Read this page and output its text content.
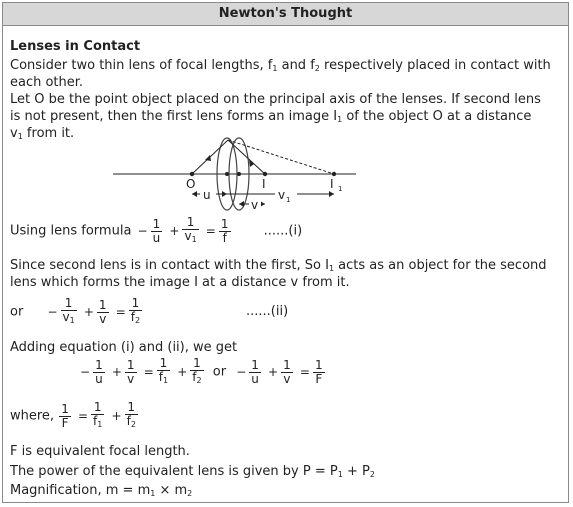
Newton's Thought
Lenses in Contact
Consider two thin lens of focal lengths, $f_1$ and $f_2$ respectively placed in contact with
each other.
Let O be the point object placed on the principal axis of the lenses. If second lens
is not present, then the first lens forms an image $I_1$ of the object O at a distance
$v_1$ from it.
O	I	I 1
u	v 1
v
Using lens formula − $\frac{1}{u} + \frac{1}{v_1} = \frac{1}{f}$	......(i)
Since second lens is in contact with the first, So $I_1$ acts as an object for the second
lens which forms the image I at a distance v from it.
or − $\frac{1}{v_1} + \frac{1}{v} = \frac{1}{f_2}$	......(ii)
Adding equation (i) and (ii), we get
− $\frac{1}{u} + \frac{1}{v} = \frac{1}{f_1} + \frac{1}{f_2}$ or − $\frac{1}{u} + \frac{1}{v} = \frac{1}{F}$
where, $\frac{1}{F} = \frac{1}{f_1} + \frac{1}{f_2}$
F is equivalent focal length.
The power of the equivalent lens is given by $P = P_1 + P_2$
Magnification, $m = m_1 \times m_2$
